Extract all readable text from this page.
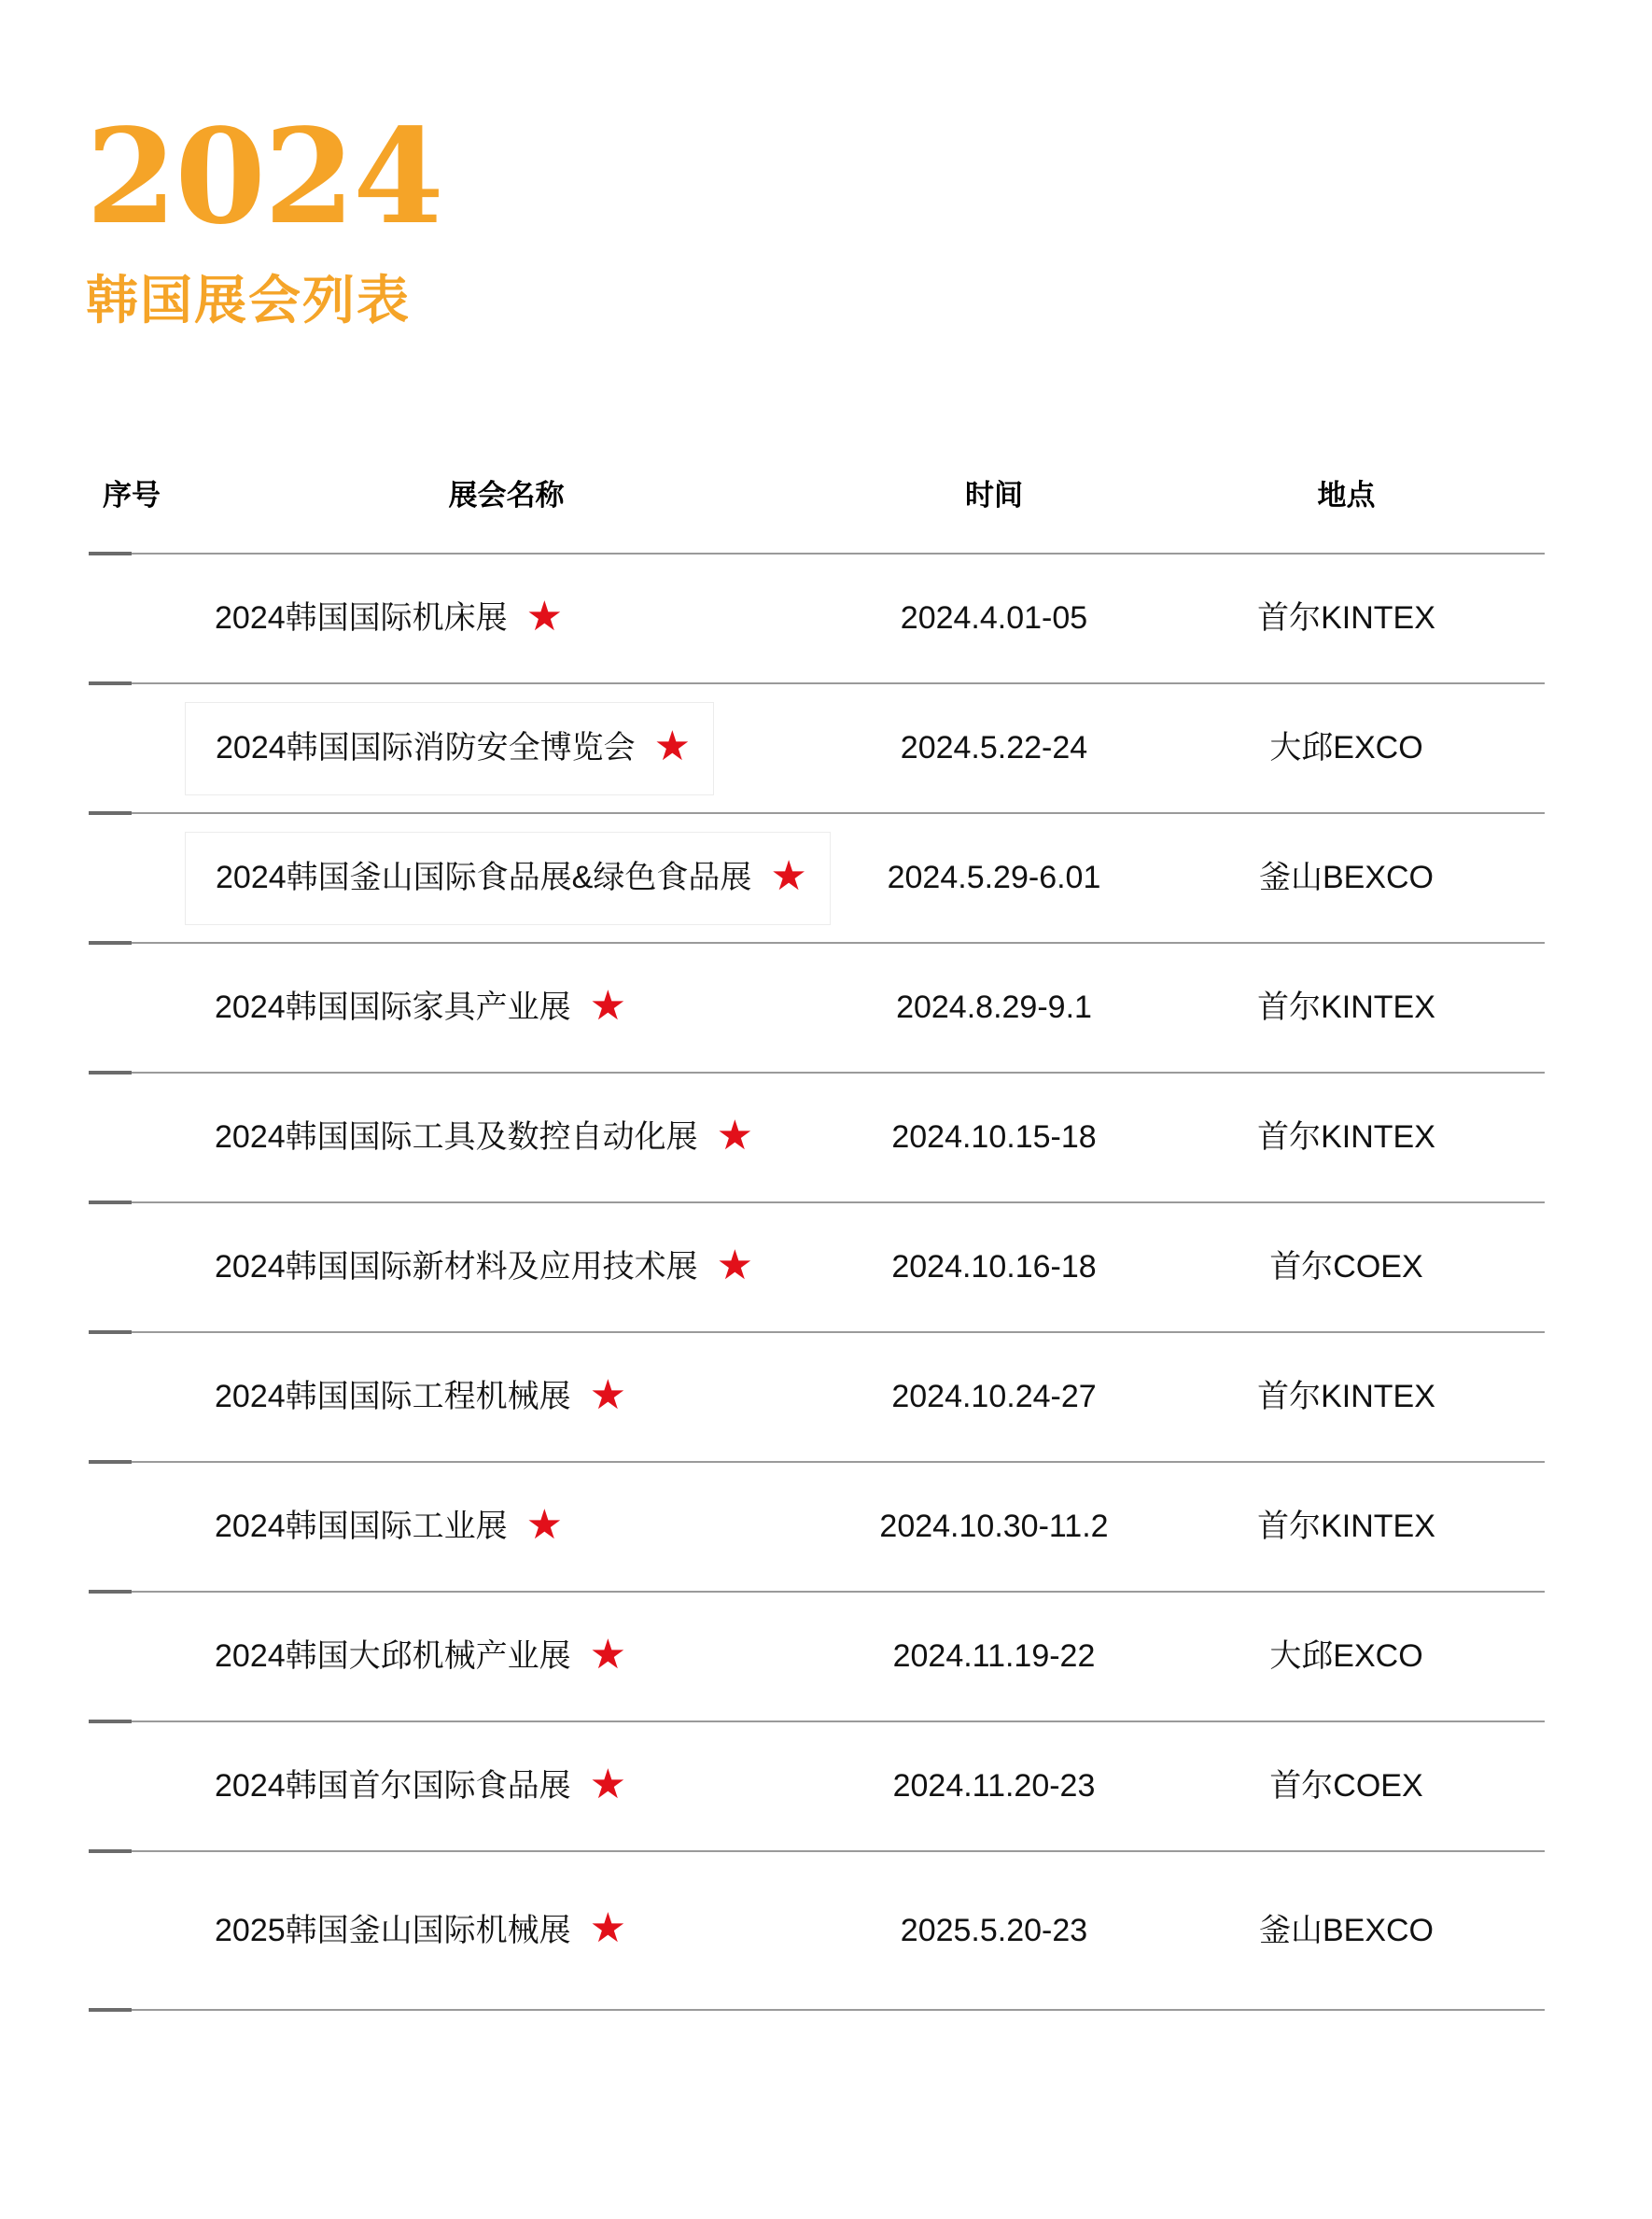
2024
韩国展会列表
序号	展会名称	时间	地点
2024韩国国际机床展 ★	2024.4.01-05	首尔KINTEX
2024韩国国际消防安全博览会 ★	2024.5.22-24	大邱EXCO
2024韩国釜山国际食品展&绿色食品展 ★	2024.5.29-6.01	釜山BEXCO
2024韩国国际家具产业展 ★	2024.8.29-9.1	首尔KINTEX
2024韩国国际工具及数控自动化展 ★	2024.10.15-18	首尔KINTEX
2024韩国国际新材料及应用技术展 ★	2024.10.16-18	首尔COEX
2024韩国国际工程机械展 ★	2024.10.24-27	首尔KINTEX
2024韩国国际工业展 ★	2024.10.30-11.2	首尔KINTEX
2024韩国大邱机械产业展 ★	2024.11.19-22	大邱EXCO
2024韩国首尔国际食品展 ★	2024.11.20-23	首尔COEX
2025韩国釜山国际机械展 ★	2025.5.20-23	釜山BEXCO
